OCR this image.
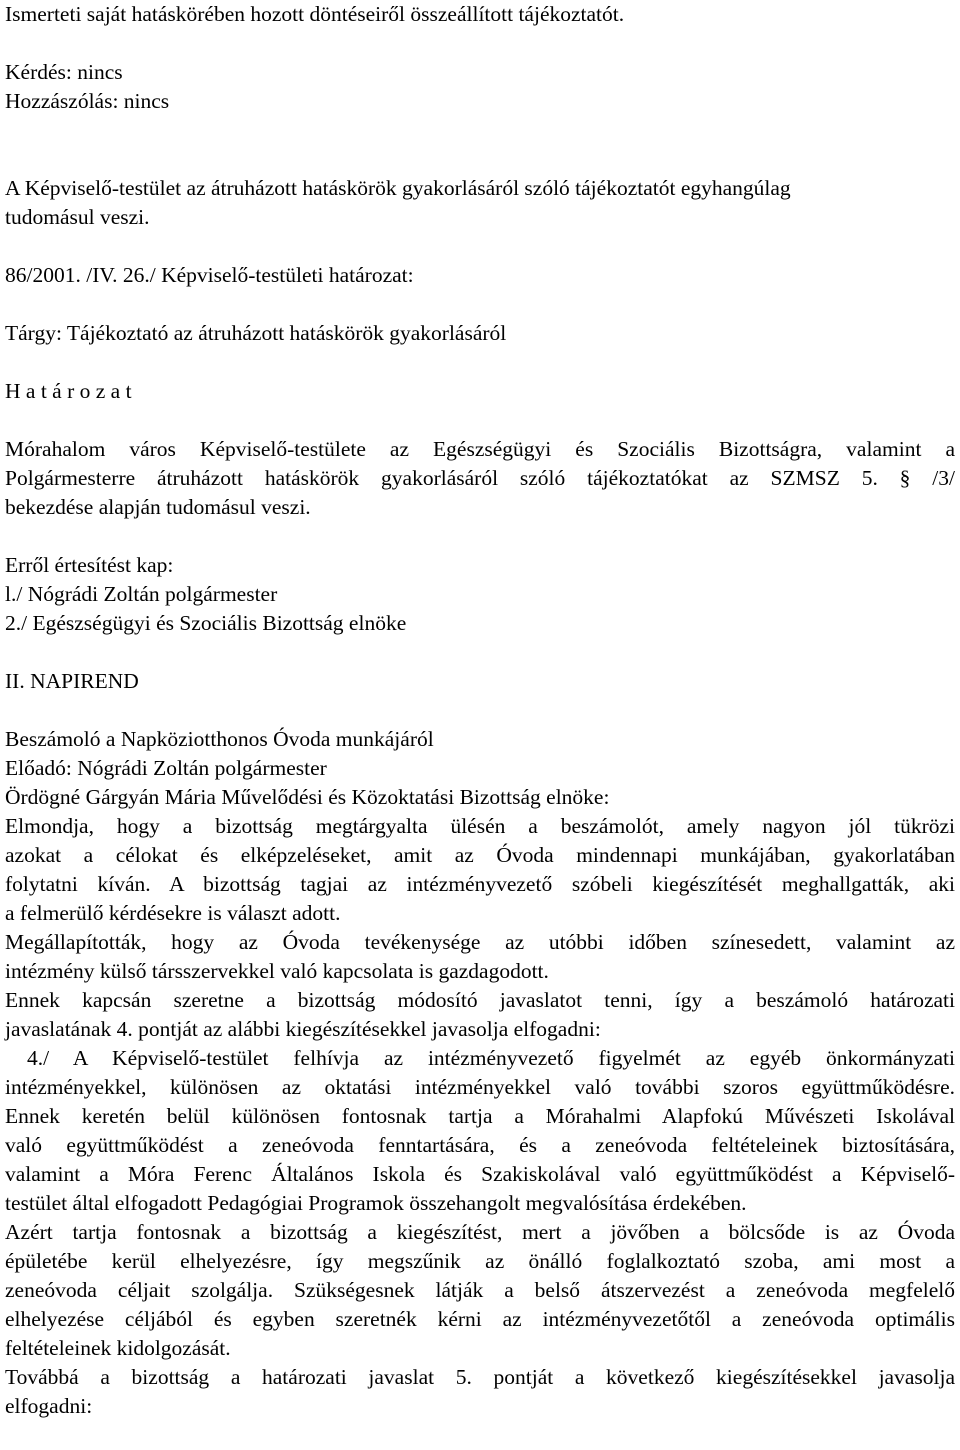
Ismerteti saját hatáskörében hozott döntéseiről összeállított tájékoztatót.
Kérdés: nincs
Hozzászólás: nincs
A Képviselő-testület az átruházott hatáskörök gyakorlásáról szóló tájékoztatót egyhangúlag
tudomásul veszi.
86/2001. /IV. 26./ Képviselő-testületi határozat:
Tárgy: Tájékoztató az átruházott hatáskörök gyakorlásáról
H a t á r o z a t
Mórahalom város Képviselő-testülete az Egészségügyi és Szociális Bizottságra, valamint a
Polgármesterre átruházott hatáskörök gyakorlásáról szóló tájékoztatókat az SZMSZ 5. § /3/
bekezdése alapján tudomásul veszi.
Erről értesítést kap:
l./ Nógrádi Zoltán polgármester
2./ Egészségügyi és Szociális Bizottság elnöke
II. NAPIREND
Beszámoló a Napköziotthonos Óvoda munkájáról
Előadó: Nógrádi Zoltán polgármester
Ördögné Gárgyán Mária Művelődési és Közoktatási Bizottság elnöke:
Elmondja, hogy a bizottság megtárgyalta ülésén a beszámolót, amely nagyon jól tükrözi
azokat a célokat és elképzeléseket, amit az Óvoda mindennapi munkájában, gyakorlatában
folytatni kíván. A bizottság tagjai az intézményvezető szóbeli kiegészítését meghallgatták, aki
a felmerülő kérdésekre is választ adott.
Megállapították, hogy az Óvoda tevékenysége az utóbbi időben színesedett, valamint az
intézmény külső társszervekkel való kapcsolata is gazdagodott.
Ennek kapcsán szeretne a bizottság módosító javaslatot tenni, így a beszámoló határozati
javaslatának 4. pontját az alábbi kiegészítésekkel javasolja elfogadni:
4./ A Képviselő-testület felhívja az intézményvezető figyelmét az egyéb önkormányzati
intézményekkel, különösen az oktatási intézményekkel való további szoros együttműködésre.
Ennek keretén belül különösen fontosnak tartja a Mórahalmi Alapfokú Művészeti Iskolával
való együttműködést a zeneóvoda fenntartására, és a zeneóvoda feltételeinek biztosítására,
valamint a Móra Ferenc Általános Iskola és Szakiskolával való együttműködést a Képviselő-
testület által elfogadott Pedagógiai Programok összehangolt megvalósítása érdekében.
Azért tartja fontosnak a bizottság a kiegészítést, mert a jövőben a bölcsőde is az Óvoda
épületébe kerül elhelyezésre, így megszűnik az önálló foglalkoztató szoba, ami most a
zeneóvoda céljait szolgálja. Szükségesnek látják a belső átszervezést a zeneóvoda megfelelő
elhelyezése céljából és egyben szeretnék kérni az intézményvezetőtől a zeneóvoda optimális
feltételeinek kidolgozását.
Továbbá a bizottság a határozati javaslat 5. pontját a következő kiegészítésekkel javasolja
elfogadni:
